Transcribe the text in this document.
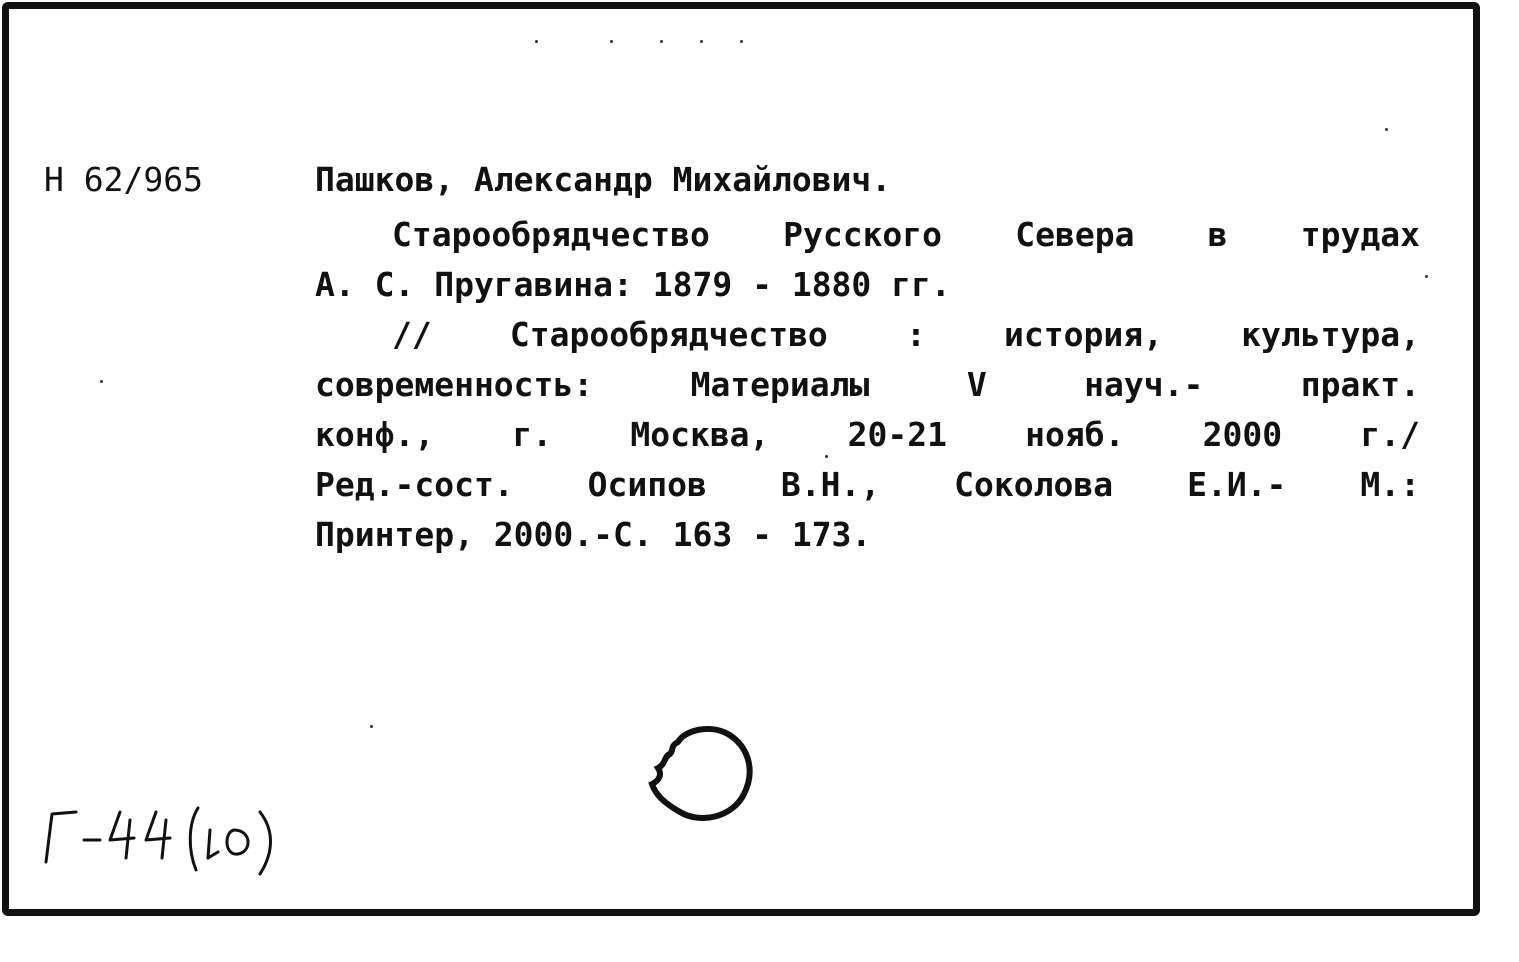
Н 62/965	Пашков, Александр Михайлович.
Старообрядчество Русского Севера в трудах
А. С. Пругавина: 1879 - 1880 гг.
// Старообрядчество : история, культура,
современность:	Материалы	V	науч.-	практ.
конф., г. Москва, 20-21 нояб. 2000 г./
Ред.-сост. Осипов В.Н., Соколова Е.И.- М.:
Принтер, 2000.-С. 163 - 173.
